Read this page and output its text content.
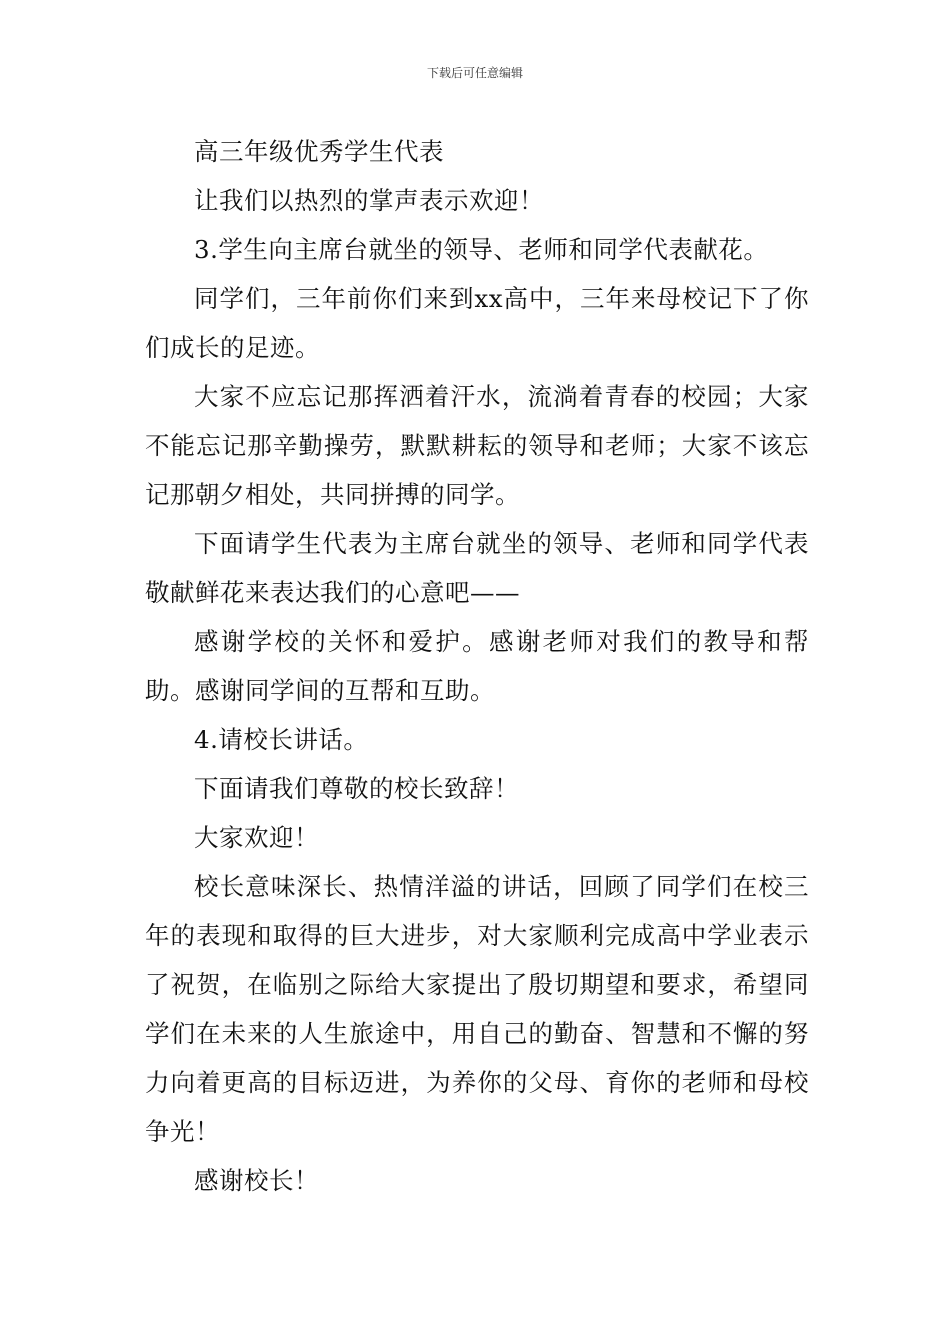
下载后可任意编辑

高三年级优秀学生代表

让我们以热烈的掌声表示欢迎！

3.学生向主席台就坐的领导、老师和同学代表献花。

同学们，三年前你们来到xx高中，三年来母校记下了你们成长的足迹。

大家不应忘记那挥洒着汗水，流淌着青春的校园；大家不能忘记那辛勤操劳，默默耕耘的领导和老师；大家不该忘记那朝夕相处，共同拼搏的同学。

下面请学生代表为主席台就坐的领导、老师和同学代表敬献鲜花来表达我们的心意吧——

感谢学校的关怀和爱护。感谢老师对我们的教导和帮助。感谢同学间的互帮和互助。

4.请校长讲话。

下面请我们尊敬的校长致辞！

大家欢迎！

校长意味深长、热情洋溢的讲话，回顾了同学们在校三年的表现和取得的巨大进步，对大家顺利完成高中学业表示了祝贺，在临别之际给大家提出了殷切期望和要求，希望同学们在未来的人生旅途中，用自己的勤奋、智慧和不懈的努力向着更高的目标迈进，为养你的父母、育你的老师和母校争光！

感谢校长！
